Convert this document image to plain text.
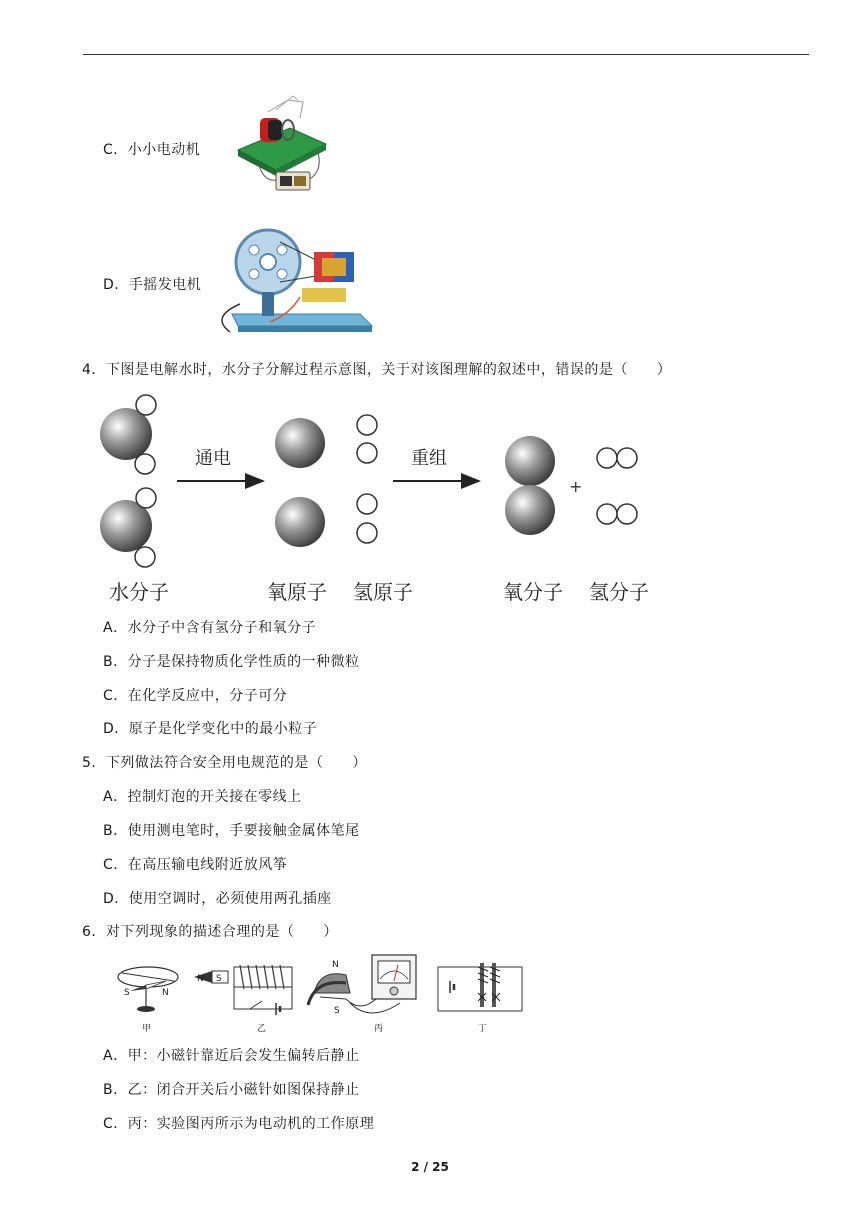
C．小小电动机
D．手摇发电机
4．下图是电解水时，水分子分解过程示意图，关于对该图理解的叙述中，错误的是（　　）
通电	重组
+
水分子	氧原子 氢原子	氧分子 氢分子
A．水分子中含有氢分子和氧分子
B．分子是保持物质化学性质的一种微粒
C．在化学反应中，分子可分
D．原子是化学变化中的最小粒子
5．下列做法符合安全用电规范的是（　　）
A．控制灯泡的开关接在零线上
B．使用测电笔时，手要接触金属体笔尾
C．在高压输电线附近放风筝
D．使用空调时，必须使用两孔插座
6．对下列现象的描述合理的是（　　）
S	N
N S
N
S
甲	乙	丙	丁
A．甲：小磁针靠近后会发生偏转后静止
B．乙：闭合开关后小磁针如图保持静止
C．丙：实验图丙所示为电动机的工作原理
2 / 25
